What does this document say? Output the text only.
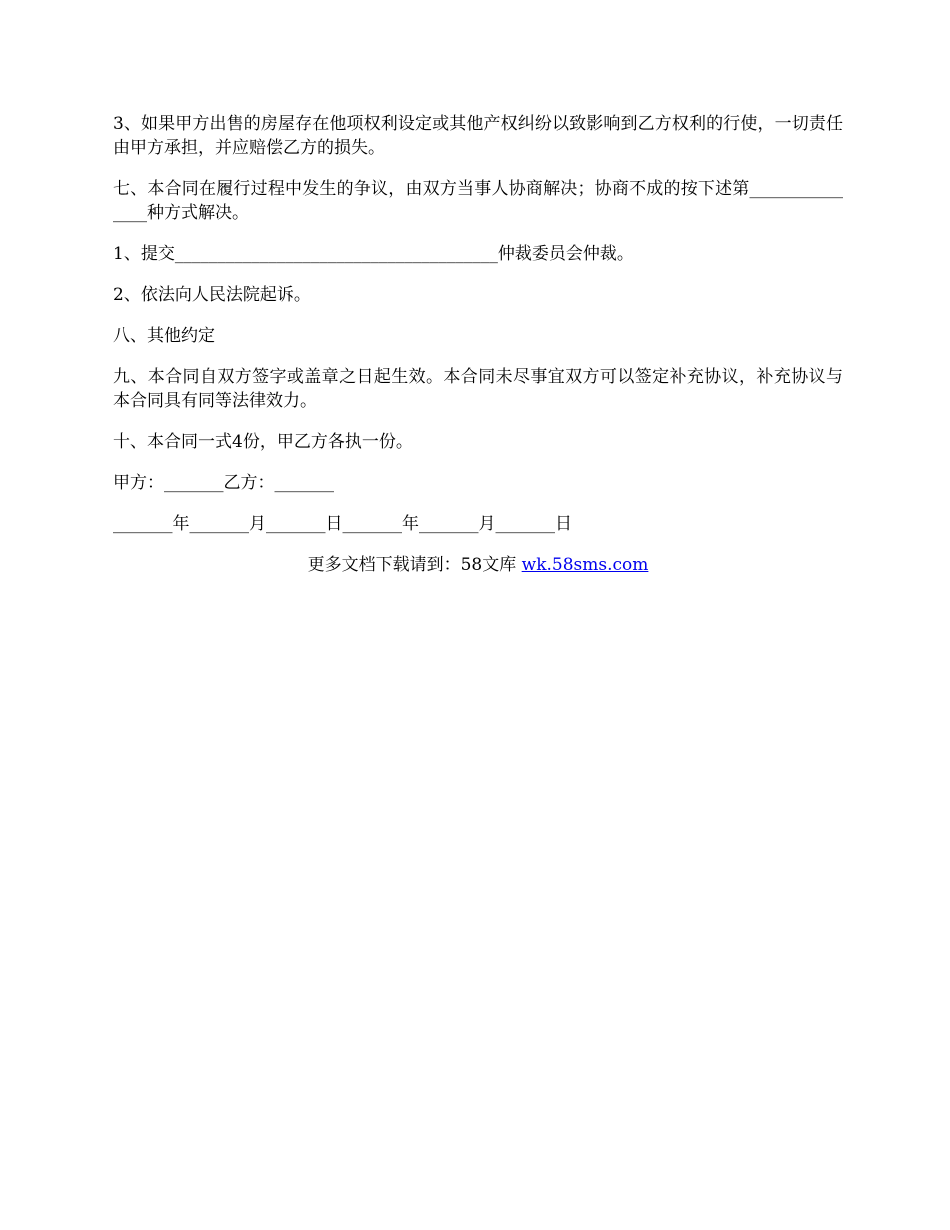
3、如果甲方出售的房屋存在他项权利设定或其他产权纠纷以致影响到乙方权利的行使，一切责任由甲方承担，并应赔偿乙方的损失。

七、本合同在履行过程中发生的争议，由双方当事人协商解决；协商不成的按下述第_______________种方式解决。

1、提交______________________________________仲裁委员会仲裁。

2、依法向人民法院起诉。

八、其他约定

九、本合同自双方签字或盖章之日起生效。本合同未尽事宜双方可以签定补充协议，补充协议与本合同具有同等法律效力。

十、本合同一式4份，甲乙方各执一份。

甲方：_______乙方：_______

_______年_______月_______日_______年_______月_______日

更多文档下载请到：58文库 wk.58sms.com
